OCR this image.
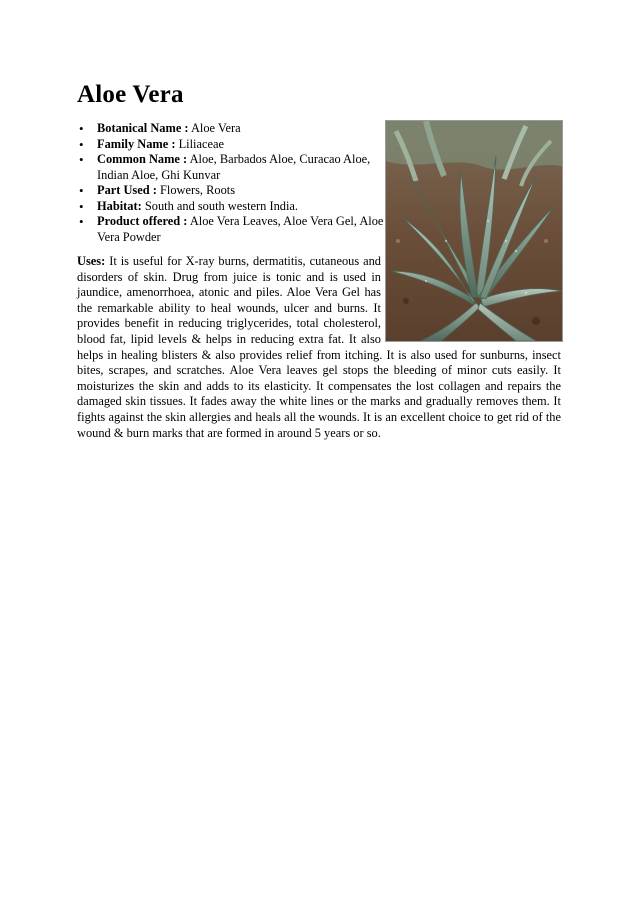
Aloe Vera
• Botanical Name : Aloe Vera
• Family Name : Liliaceae
• Common Name : Aloe, Barbados Aloe, Curacao Aloe, Indian Aloe, Ghi Kunvar
• Part Used : Flowers, Roots
• Habitat: South and south western India.
• Product offered : Aloe Vera Leaves, Aloe Vera Gel, Aloe Vera Powder

Uses: It is useful for X-ray burns, dermatitis, cutaneous and disorders of skin. Drug from juice is tonic and is used in jaundice, amenorrhoea, atonic and piles. Aloe Vera Gel has the remarkable ability to heal wounds, ulcer and burns. It provides benefit in reducing triglycerides, total cholesterol, blood fat, lipid levels & helps in reducing extra fat. It also helps in healing blisters & also provides relief from itching. It is also used for sunburns, insect bites, scrapes, and scratches. Aloe Vera leaves gel stops the bleeding of minor cuts easily. It moisturizes the skin and adds to its elasticity. It compensates the lost collagen and repairs the damaged skin tissues. It fades away the white lines or the marks and gradually removes them. It fights against the skin allergies and heals all the wounds. It is an excellent choice to get rid of the wound & burn marks that are formed in around 5 years or so.
